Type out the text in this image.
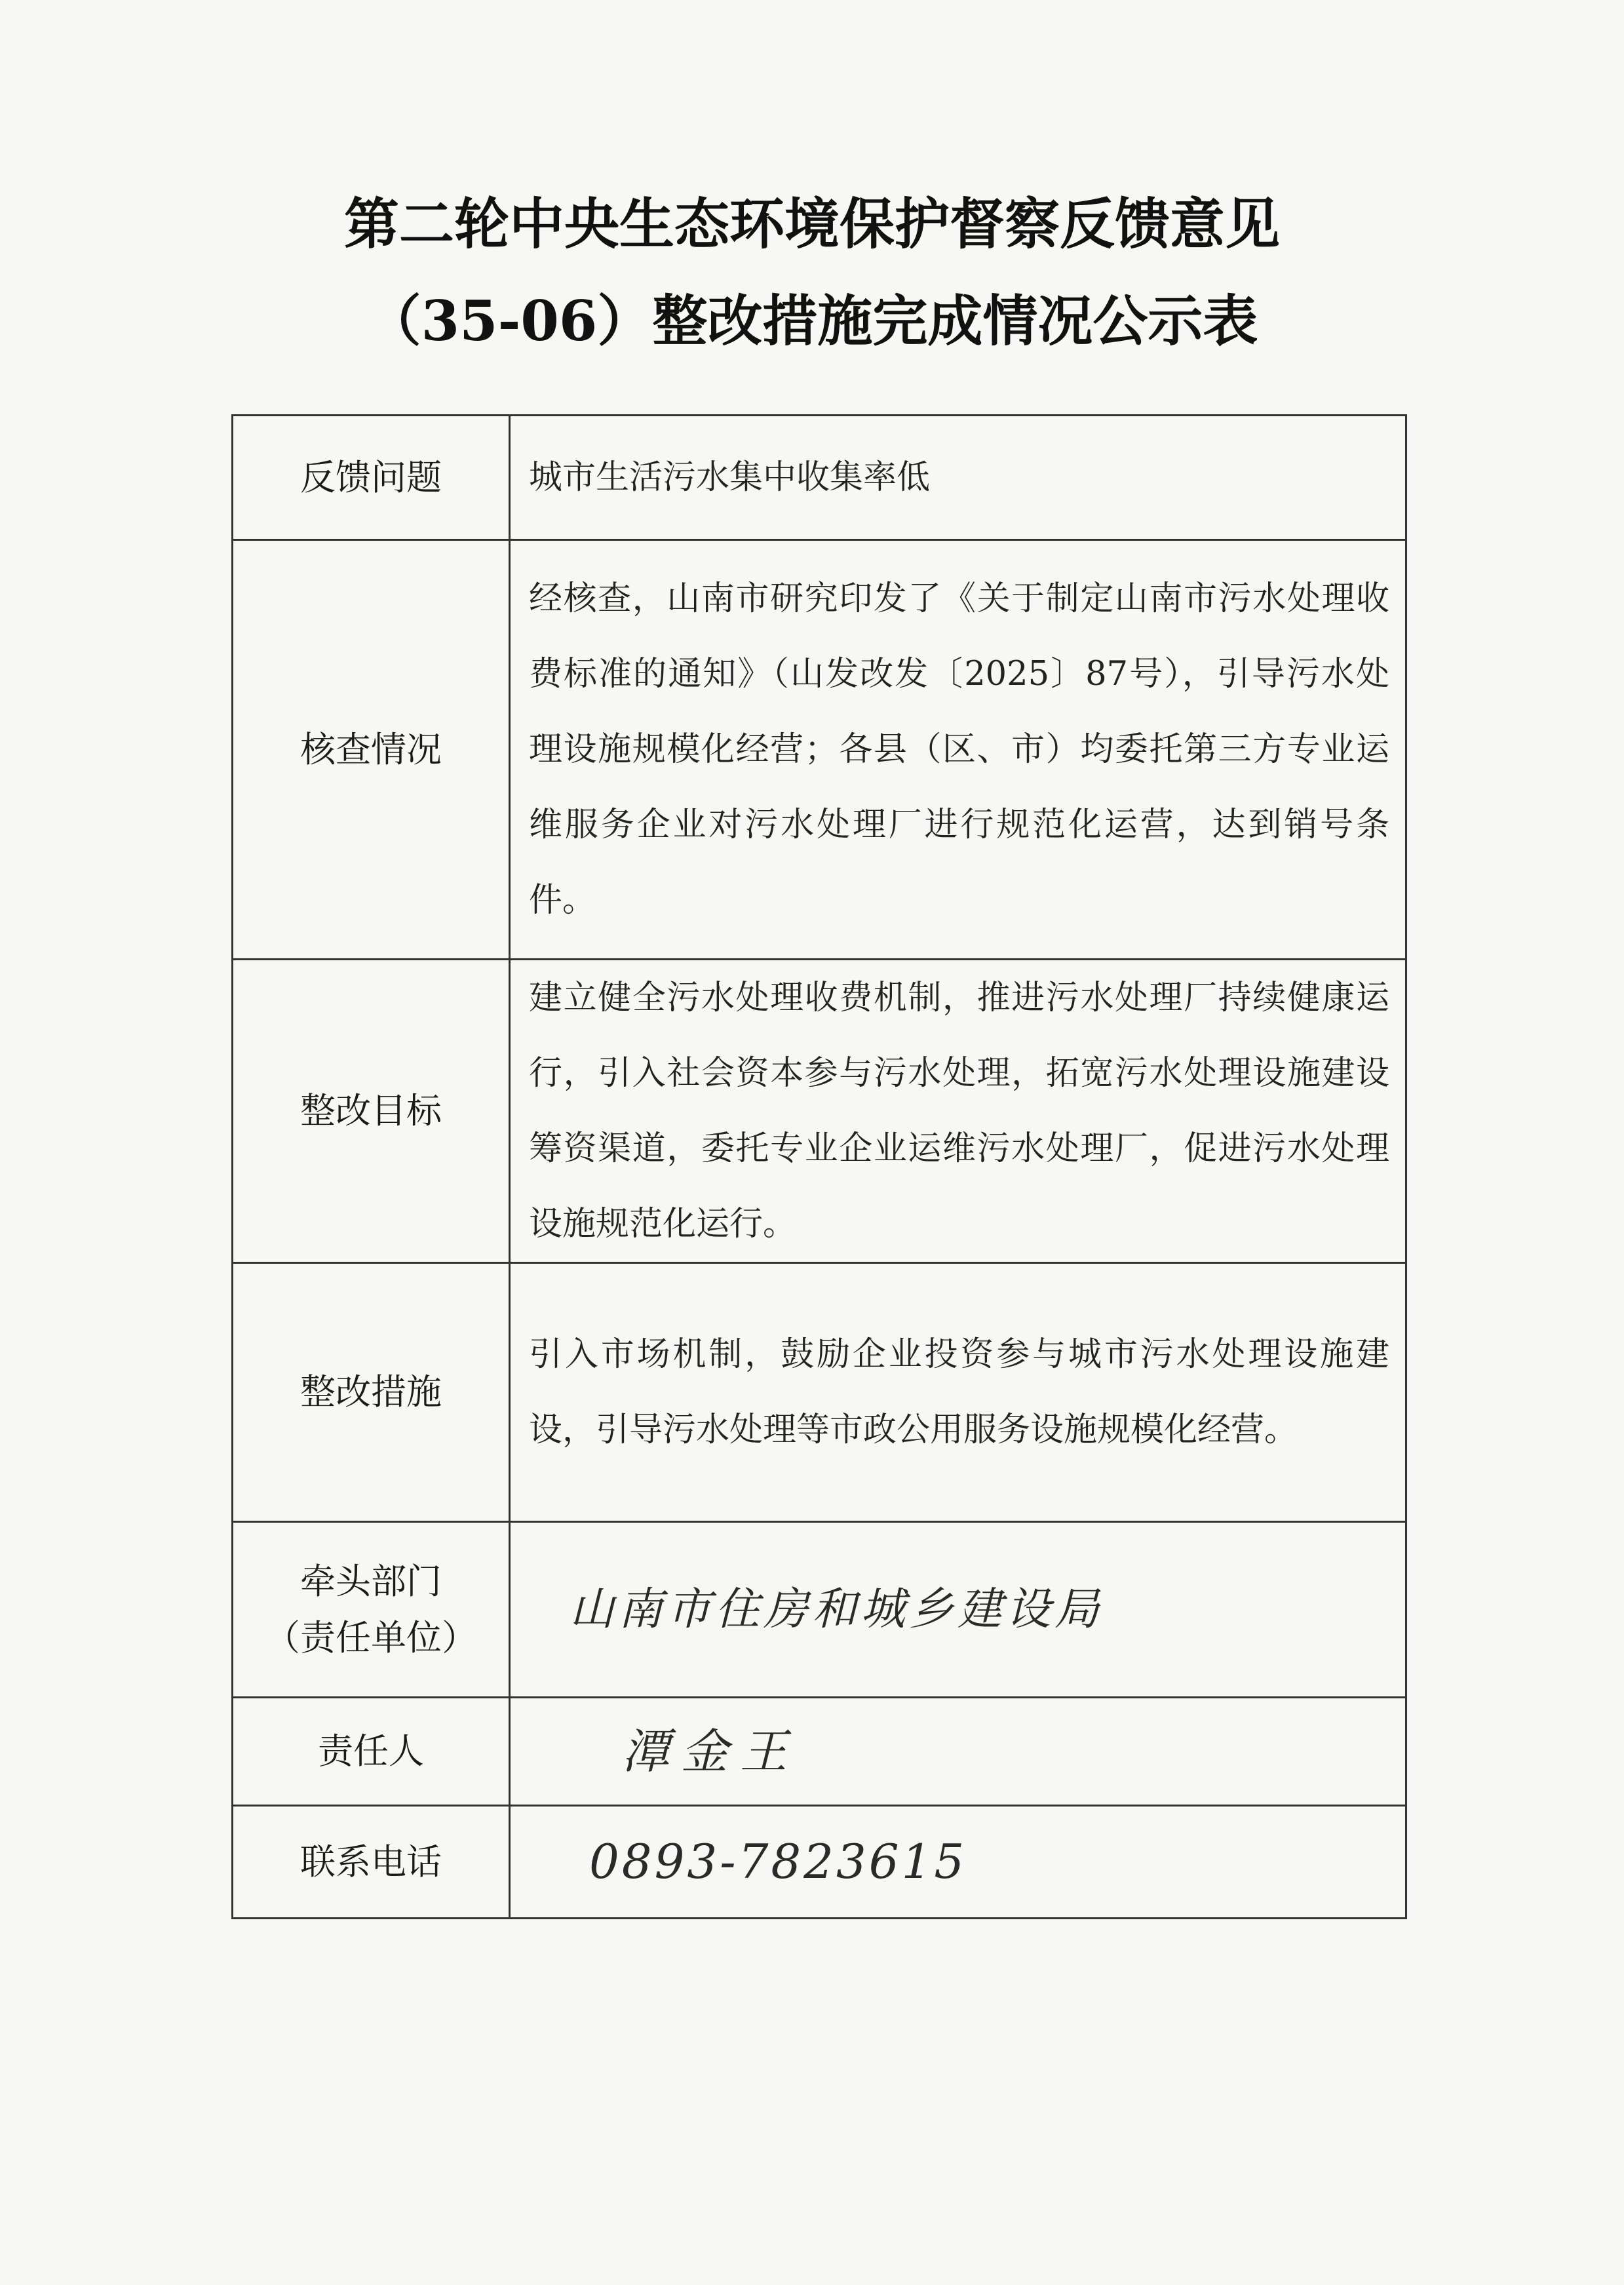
第二轮中央生态环境保护督察反馈意见
（35-06）整改措施完成情况公示表
反馈问题	城市生活污水集中收集率低
核查情况	经核查，山南市研究印发了《关于制定山南市污水处理收费标准的通知》（山发改发〔2025〕87号），引导污水处理设施规模化经营；各县（区、市）均委托第三方专业运维服务企业对污水处理厂进行规范化运营，达到销号条件。
整改目标	建立健全污水处理收费机制，推进污水处理厂持续健康运行，引入社会资本参与污水处理，拓宽污水处理设施建设筹资渠道，委托专业企业运维污水处理厂，促进污水处理设施规范化运行。
整改措施	引入市场机制，鼓励企业投资参与城市污水处理设施建设，引导污水处理等市政公用服务设施规模化经营。

牵头部门
（责任单位）	山南市住房和城乡建设局
责任人	潭金王
联系电话	0893-7823615
